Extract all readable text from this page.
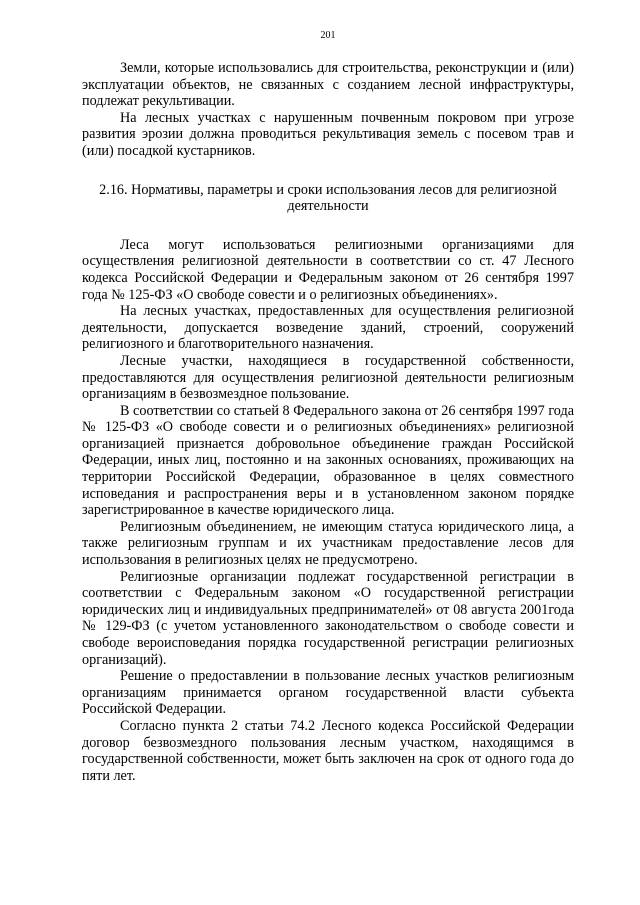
201

Земли, которые использовались для строительства, реконструкции и (или) эксплуатации объектов, не связанных с созданием лесной инфраструктуры, подлежат рекультивации.

На лесных участках с нарушенным почвенным покровом при угрозе развития эрозии должна проводиться рекультивация земель с посевом трав и (или) посадкой кустарников.

2.16. Нормативы, параметры и сроки использования лесов для религиозной деятельности

Леса могут использоваться религиозными организациями для осуществления религиозной деятельности в соответствии со ст. 47 Лесного кодекса Российской Федерации и Федеральным законом от 26 сентября 1997 года № 125-ФЗ «О свободе совести и о религиозных объединениях».

На лесных участках, предоставленных для осуществления религиозной деятельности, допускается возведение зданий, строений, сооружений религиозного и благотворительного назначения.

Лесные участки, находящиеся в государственной собственности, предоставляются для осуществления религиозной деятельности религиозным организациям в безвозмездное пользование.

В соответствии со статьей 8 Федерального закона от 26 сентября 1997 года № 125-ФЗ «О свободе совести и о религиозных объединениях» религиозной организацией признается добровольное объединение граждан Российской Федерации, иных лиц, постоянно и на законных основаниях, проживающих на территории Российской Федерации, образованное в целях совместного исповедания и распространения веры и в установленном законом порядке зарегистрированное в качестве юридического лица.

Религиозным объединением, не имеющим статуса юридического лица, а также религиозным группам и их участникам предоставление лесов для использования в религиозных целях не предусмотрено.

Религиозные организации подлежат государственной регистрации в соответствии с Федеральным законом «О государственной регистрации юридических лиц и индивидуальных предпринимателей» от 08 августа 2001года № 129-ФЗ (с учетом установленного законодательством о свободе совести и свободе вероисповедания порядка государственной регистрации религиозных организаций).

Решение о предоставлении в пользование лесных участков религиозным организациям принимается органом государственной власти субъекта Российской Федерации.

Согласно пункта 2 статьи 74.2 Лесного кодекса Российской Федерации договор безвозмездного пользования лесным участком, находящимся в государственной собственности, может быть заключен на срок от одного года до пяти лет.
